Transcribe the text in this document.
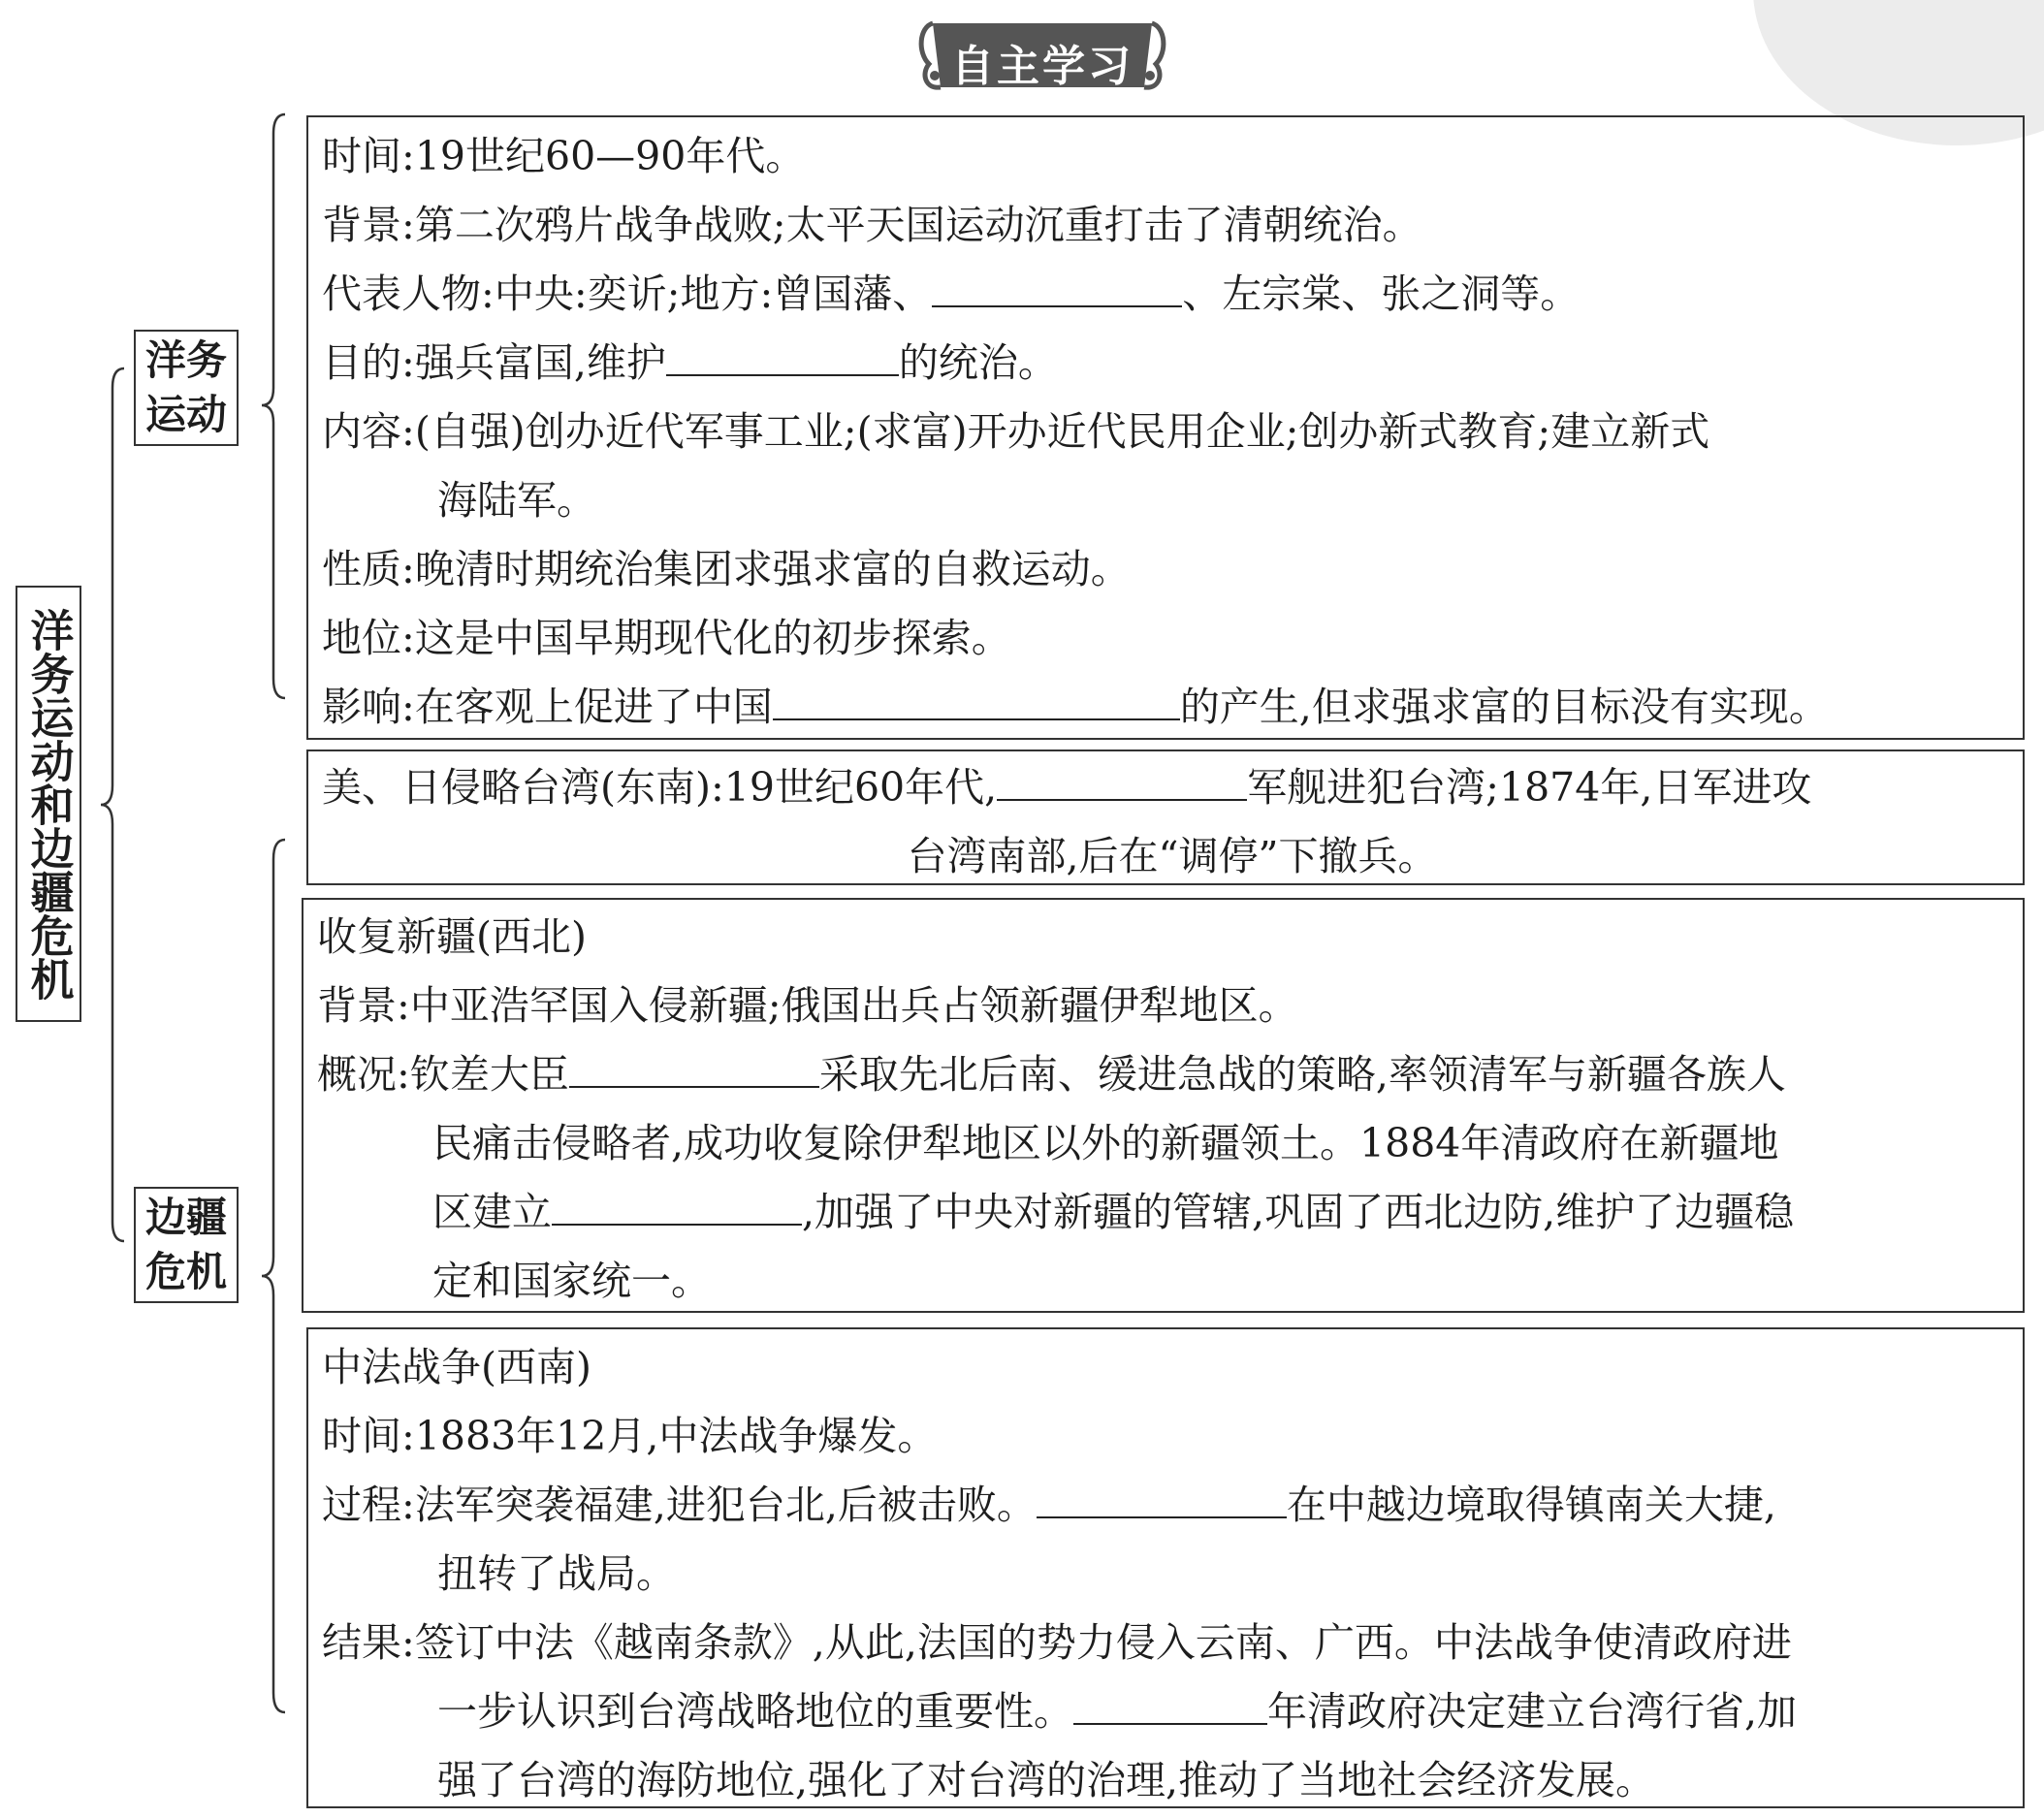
自主学习
洋务运动和边疆危机
洋务
运动
边疆
危机
时间:19世纪60—90年代。
背景:第二次鸦片战争战败;太平天国运动沉重打击了清朝统治。
代表人物:中央:奕䜣;地方:曾国藩、	、左宗棠、张之洞等。
目的:强兵富国,维护	的统治。
内容:(自强)创办近代军事工业;(求富)开办近代民用企业;创办新式教育;建立新式
海陆军。
性质:晚清时期统治集团求强求富的自救运动。
地位:这是中国早期现代化的初步探索。
影响:在客观上促进了中国	的产生,但求强求富的目标没有实现。
美、日侵略台湾(东南):19世纪60年代,	军舰进犯台湾;1874年,日军进攻
台湾南部,后在“调停”下撤兵。
收复新疆(西北)
背景:中亚浩罕国入侵新疆;俄国出兵占领新疆伊犁地区。
概况:钦差大臣	采取先北后南、缓进急战的策略,率领清军与新疆各族人
民痛击侵略者,成功收复除伊犁地区以外的新疆领土。1884年清政府在新疆地
区建立	,加强了中央对新疆的管辖,巩固了西北边防,维护了边疆稳
定和国家统一。
中法战争(西南)
时间:1883年12月,中法战争爆发。
过程:法军突袭福建,进犯台北,后被击败。	在中越边境取得镇南关大捷,
扭转了战局。
结果:签订中法《越南条款》,从此,法国的势力侵入云南、广西。中法战争使清政府进
一步认识到台湾战略地位的重要性。	年清政府决定建立台湾行省,加
强了台湾的海防地位,强化了对台湾的治理,推动了当地社会经济发展。
